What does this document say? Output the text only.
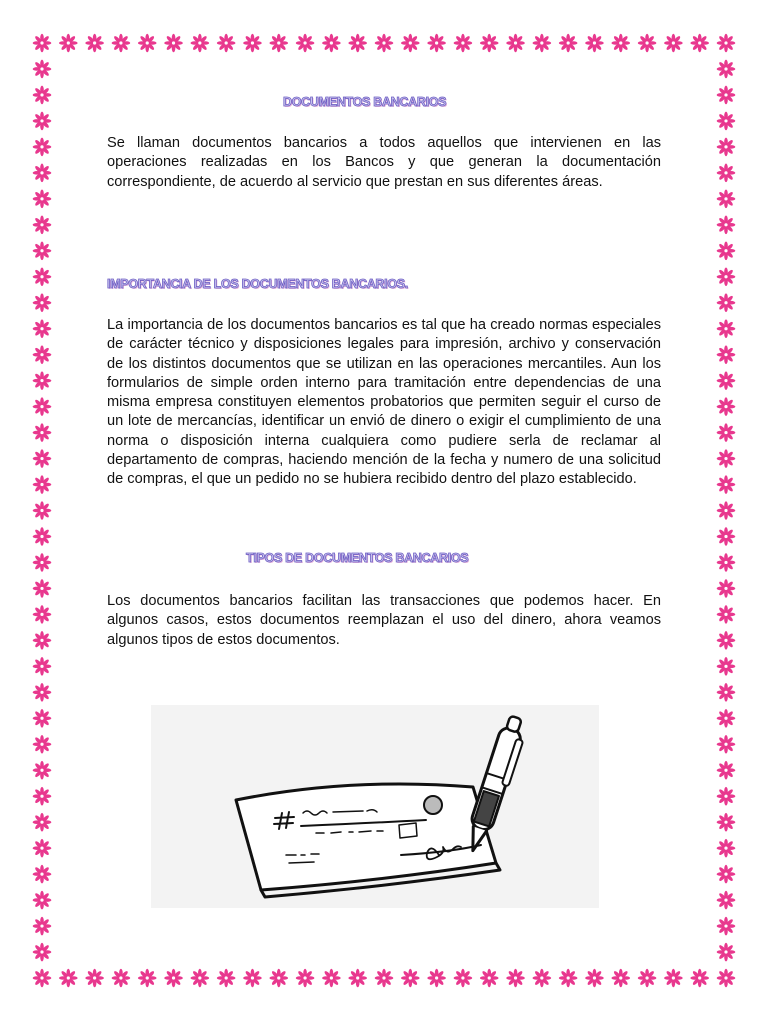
DOCUMENTOS BANCARIOS

Se llaman documentos bancarios a todos aquellos que intervienen en las operaciones realizadas en los Bancos y que generan la documentación correspondiente, de acuerdo al servicio que prestan en sus diferentes áreas.

IMPORTANCIA DE LOS DOCUMENTOS BANCARIOS.

La importancia de los documentos bancarios es tal que ha creado normas especiales de carácter técnico y disposiciones legales para impresión, archivo y conservación de los distintos documentos que se utilizan en las operaciones mercantiles. Aun los formularios de simple orden interno para tramitación entre dependencias de una misma empresa constituyen elementos probatorios que permiten seguir el curso de un lote de mercancías, identificar un envió de dinero o exigir el cumplimiento de una norma o disposición interna cualquiera como pudiere serla de reclamar al departamento de compras, haciendo mención de la fecha y numero de una solicitud de compras, el que un pedido no se hubiera recibido dentro del plazo establecido.

TIPOS DE DOCUMENTOS BANCARIOS

Los documentos bancarios facilitan las transacciones que podemos hacer. En algunos casos, estos documentos reemplazan el uso del dinero, ahora veamos algunos tipos de estos documentos.
